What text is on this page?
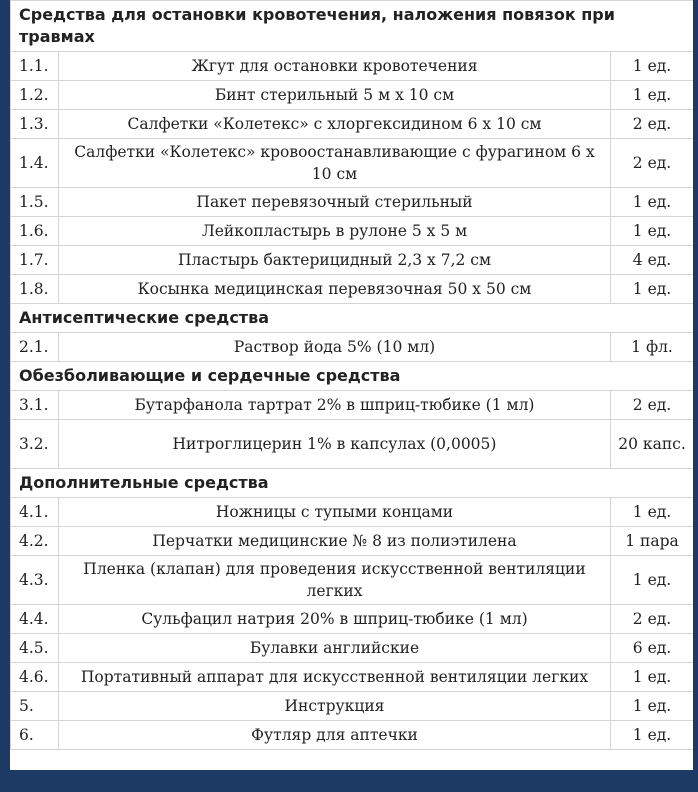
Средства для остановки кровотечения, наложения повязок при травмах		
1.1.	Жгут для остановки кровотечения	1 ед.
1.2.	Бинт стерильный 5 м х 10 см	1 ед.
1.3.	Салфетки «Колетекс» с хлоргексидином 6 х 10 см	2 ед.
1.4.	Салфетки «Колетекс» кровоостанавливающие с фурагином 6 х 10 см	2 ед.
1.5.	Пакет перевязочный стерильный	1 ед.
1.6.	Лейкопластырь в рулоне 5 х 5 м	1 ед.
1.7.	Пластырь бактерицидный 2,3 х 7,2 см	4 ед.
1.8.	Косынка медицинская перевязочная 50 х 50 см	1 ед.
Антисептические средства		
2.1.	Раствор йода 5% (10 мл)	1 фл.
Обезболивающие и сердечные средства		
3.1.	Бутарфанола тартрат 2% в шприц-тюбике (1 мл)	2 ед.
3.2.	Нитроглицерин 1% в капсулах (0,0005)	20 капс.
Дополнительные средства		
4.1.	Ножницы с тупыми концами	1 ед.
4.2.	Перчатки медицинские № 8 из полиэтилена	1 пара
4.3.	Пленка (клапан) для проведения искусственной вентиляции легких	1 ед.
4.4.	Сульфацил натрия 20% в шприц-тюбике (1 мл)	2 ед.
4.5.	Булавки английские	6 ед.
4.6.	Портативный аппарат для искусственной вентиляции легких	1 ед.
5.	Инструкция	1 ед.
6.	Футляр для аптечки	1 ед.
